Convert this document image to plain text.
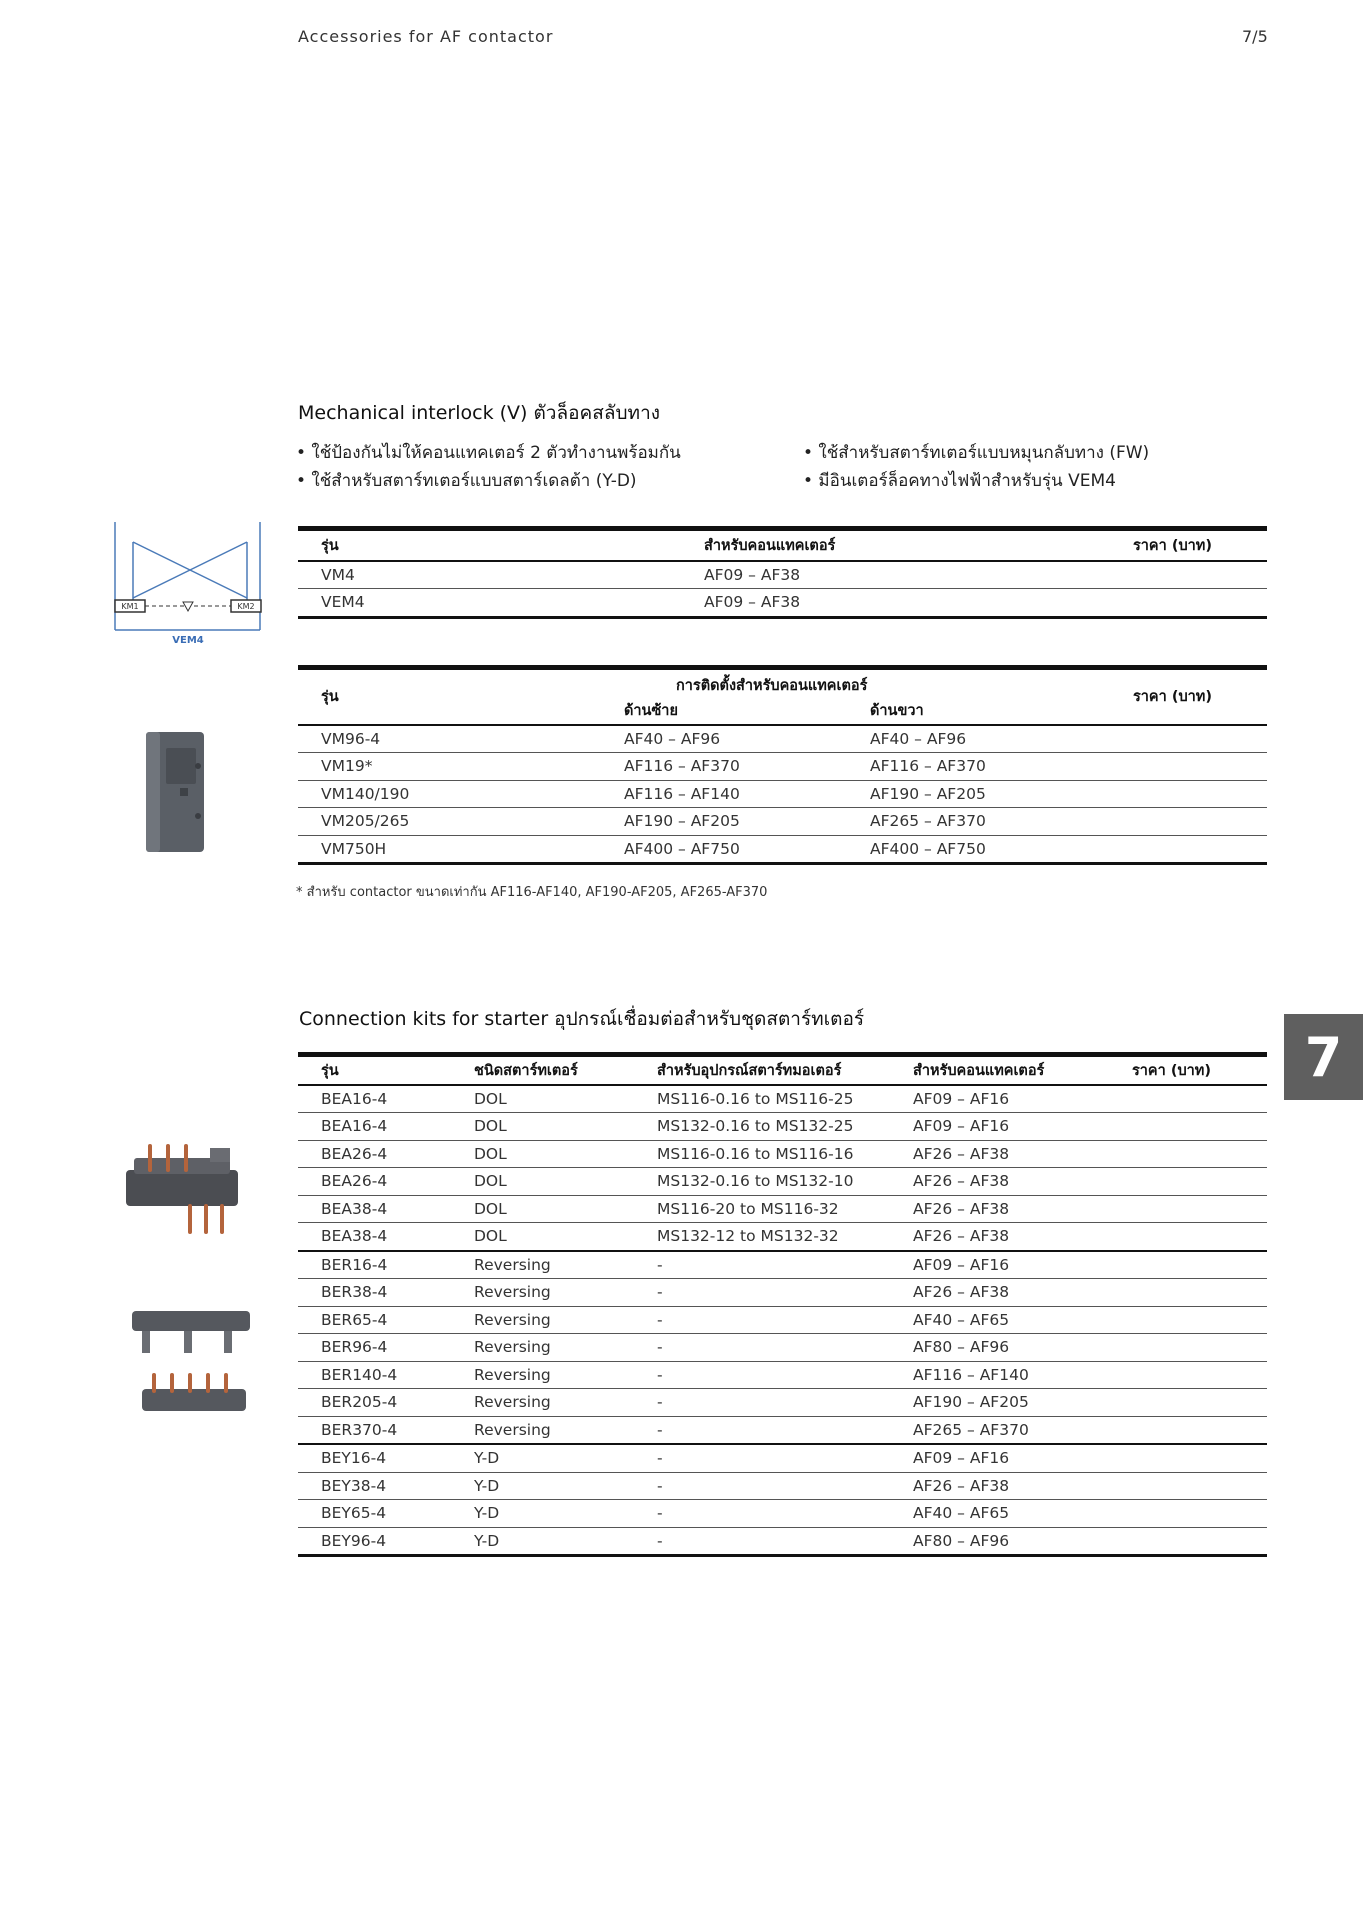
Accessories for AF contactor	7/5
Mechanical interlock (V) ตัวล็อคสลับทาง
• ใช้ป้องกันไม่ให้คอนแทคเตอร์ 2 ตัวทำงานพร้อมกัน
• ใช้สำหรับสตาร์ทเตอร์แบบสตาร์เดลต้า (Y-D)
• ใช้สำหรับสตาร์ทเตอร์แบบหมุนกลับทาง (FW)
• มีอินเตอร์ล็อคทางไฟฟ้าสำหรับรุ่น VEM4
KM1	KM2
VEM4
รุ่น	สำหรับคอนแทคเตอร์	ราคา (บาท)
VM4	AF09 – AF38	
VEM4	AF09 – AF38	
รุ่น	การติดตั้งสำหรับคอนแทคเตอร์		ราคา (บาท)
	ด้านซ้าย	ด้านขวา	
VM96-4	AF40 – AF96	AF40 – AF96	
VM19*	AF116 – AF370	AF116 – AF370	
VM140/190	AF116 – AF140	AF190 – AF205	
VM205/265	AF190 – AF205	AF265 – AF370	
VM750H	AF400 – AF750	AF400 – AF750	
* สำหรับ contactor ขนาดเท่ากัน AF116-AF140, AF190-AF205, AF265-AF370
Connection kits for starter อุปกรณ์เชื่อมต่อสำหรับชุดสตาร์ทเตอร์
7
รุ่น	ชนิดสตาร์ทเตอร์	สำหรับอุปกรณ์สตาร์ทมอเตอร์	สำหรับคอนแทคเตอร์	ราคา (บาท)
BEA16-4	DOL	MS116-0.16 to MS116-25	AF09 – AF16	
BEA16-4	DOL	MS132-0.16 to MS132-25	AF09 – AF16	
BEA26-4	DOL	MS116-0.16 to MS116-16	AF26 – AF38	
BEA26-4	DOL	MS132-0.16 to MS132-10	AF26 – AF38	
BEA38-4	DOL	MS116-20 to MS116-32	AF26 – AF38	
BEA38-4	DOL	MS132-12 to MS132-32	AF26 – AF38	
BER16-4	Reversing	-	AF09 – AF16	
BER38-4	Reversing	-	AF26 – AF38	
BER65-4	Reversing	-	AF40 – AF65	
BER96-4	Reversing	-	AF80 – AF96	
BER140-4	Reversing	-	AF116 – AF140	
BER205-4	Reversing	-	AF190 – AF205	
BER370-4	Reversing	-	AF265 – AF370	
BEY16-4	Y-D	-	AF09 – AF16	
BEY38-4	Y-D	-	AF26 – AF38	
BEY65-4	Y-D	-	AF40 – AF65	
BEY96-4	Y-D	-	AF80 – AF96	
